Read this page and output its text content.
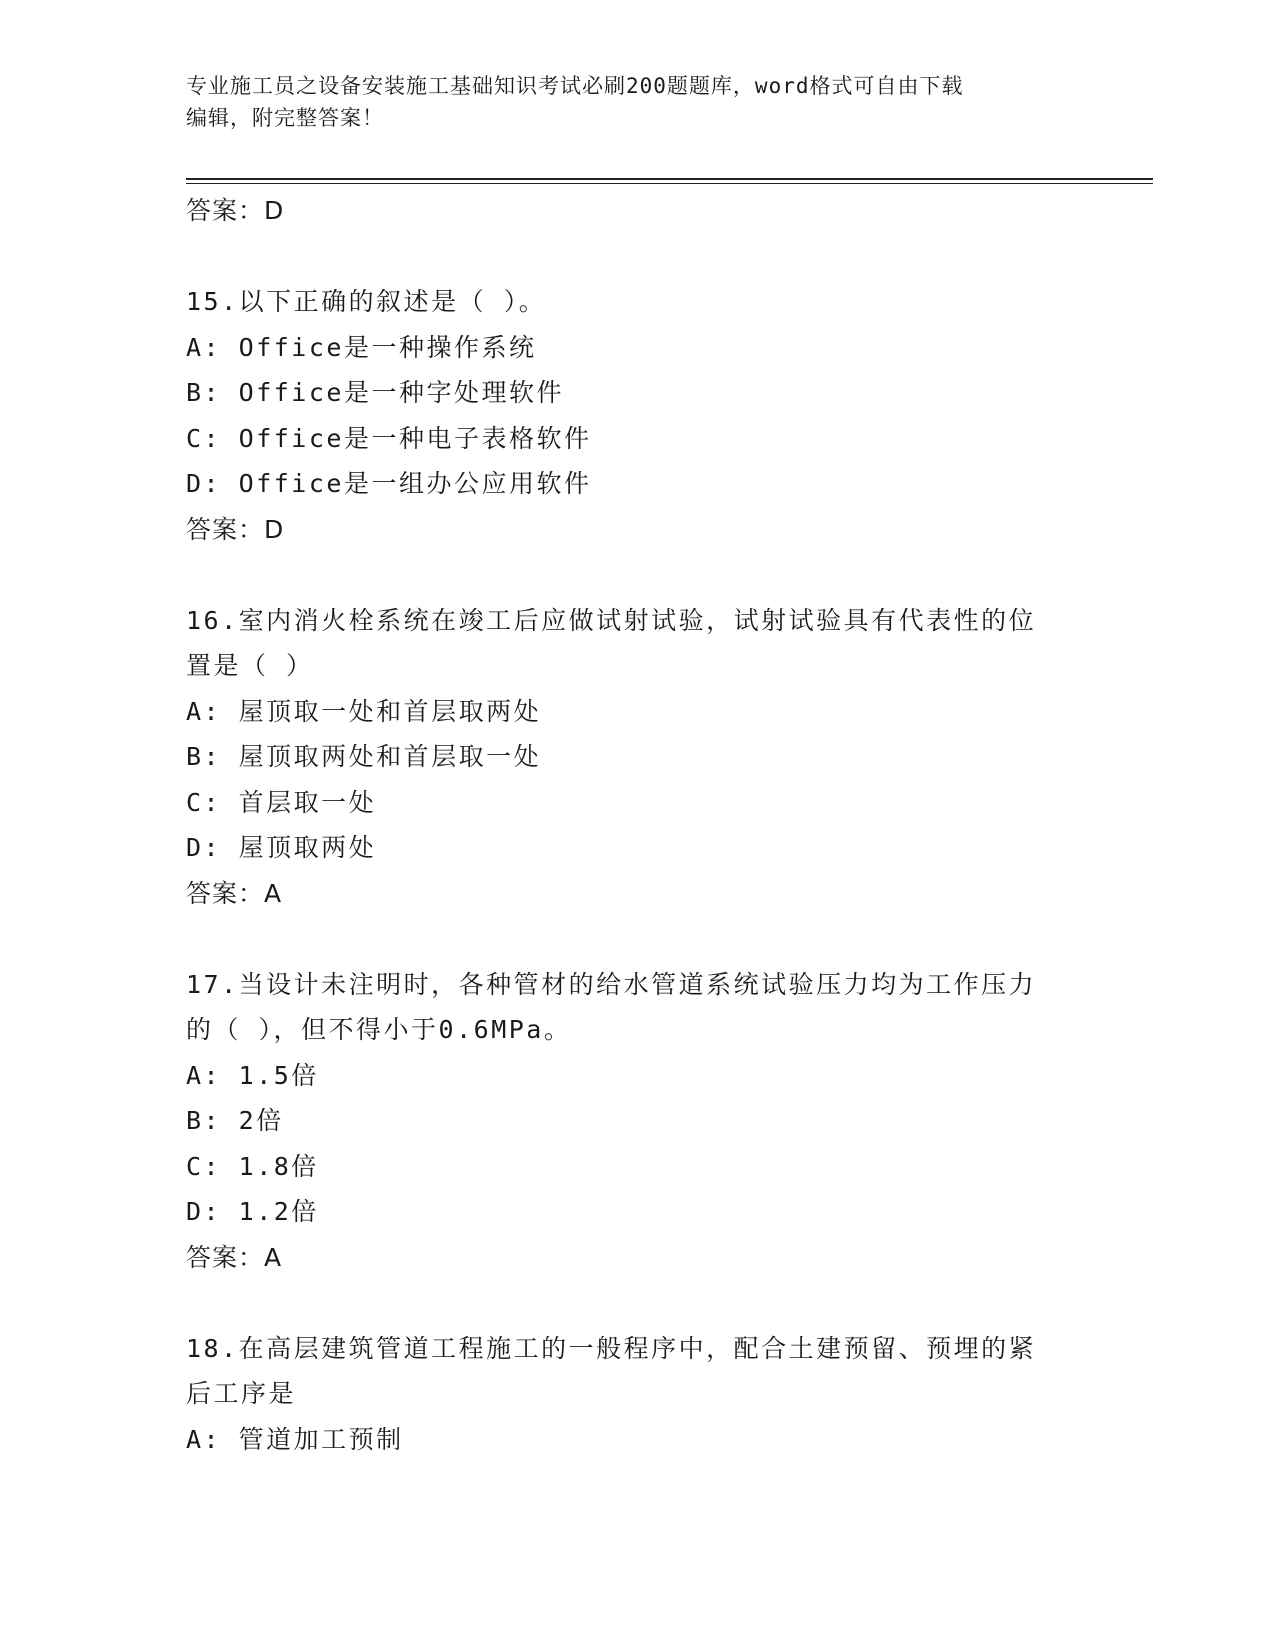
专业施工员之设备安装施工基础知识考试必刷200题题库，word格式可自由下载
编辑，附完整答案！
答案：D
15.以下正确的叙述是（ ）。
A: Office是一种操作系统
B: Office是一种字处理软件
C: Office是一种电子表格软件
D: Office是一组办公应用软件
答案：D
16.室内消火栓系统在竣工后应做试射试验，试射试验具有代表性的位
置是（ ）
A: 屋顶取一处和首层取两处
B: 屋顶取两处和首层取一处
C: 首层取一处
D: 屋顶取两处
答案：A
17.当设计未注明时，各种管材的给水管道系统试验压力均为工作压力
的（ ），但不得小于0.6MPa。
A: 1.5倍
B: 2倍
C: 1.8倍
D: 1.2倍
答案：A
18.在高层建筑管道工程施工的一般程序中，配合土建预留、预埋的紧
后工序是
A: 管道加工预制
